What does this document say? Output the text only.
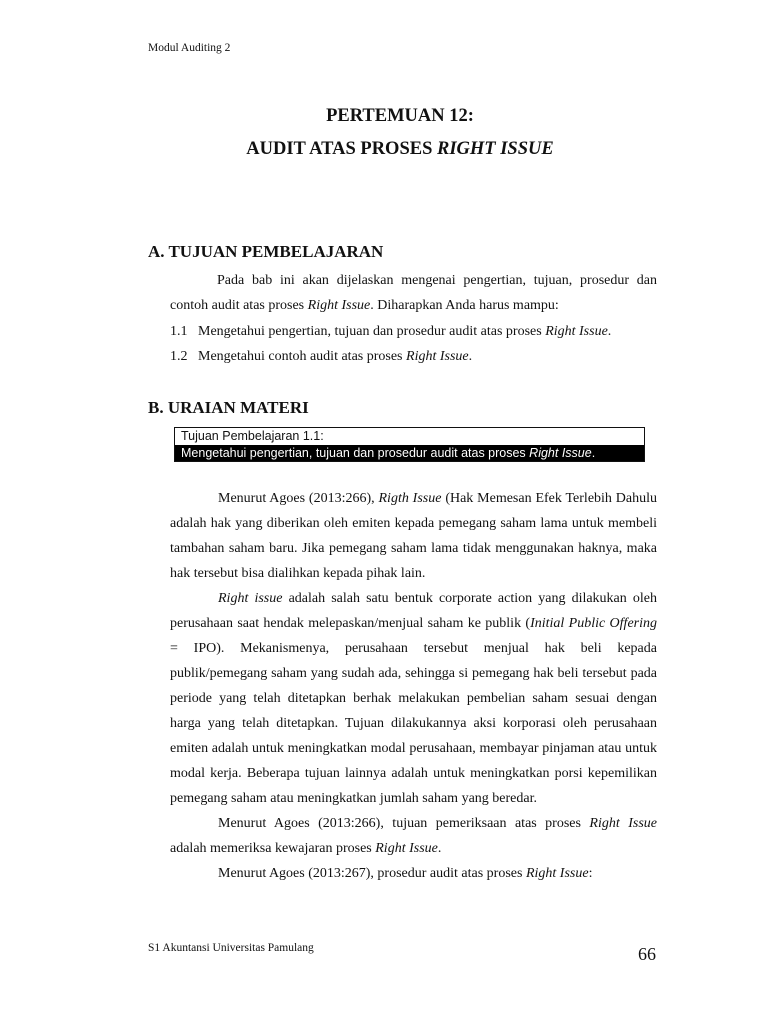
Modul Auditing 2
PERTEMUAN 12:
AUDIT ATAS PROSES RIGHT ISSUE
A. TUJUAN PEMBELAJARAN
Pada bab ini akan dijelaskan mengenai pengertian, tujuan, prosedur dan contoh audit atas proses Right Issue. Diharapkan Anda harus mampu:
1.1 Mengetahui pengertian, tujuan dan prosedur audit atas proses Right Issue.
1.2 Mengetahui contoh audit atas proses Right Issue.
B. URAIAN MATERI
Tujuan Pembelajaran 1.1:
Mengetahui pengertian, tujuan dan prosedur audit atas proses Right Issue.

Menurut Agoes (2013:266), Rigth Issue (Hak Memesan Efek Terlebih Dahulu adalah hak yang diberikan oleh emiten kepada pemegang saham lama untuk membeli tambahan saham baru. Jika pemegang saham lama tidak menggunakan haknya, maka hak tersebut bisa dialihkan kepada pihak lain.

Right issue adalah salah satu bentuk corporate action yang dilakukan oleh perusahaan saat hendak melepaskan/menjual saham ke publik (Initial Public Offering = IPO). Mekanismenya, perusahaan tersebut menjual hak beli kepada publik/pemegang saham yang sudah ada, sehingga si pemegang hak beli tersebut pada periode yang telah ditetapkan berhak melakukan pembelian saham sesuai dengan harga yang telah ditetapkan. Tujuan dilakukannya aksi korporasi oleh perusahaan emiten adalah untuk meningkatkan modal perusahaan, membayar pinjaman atau untuk modal kerja. Beberapa tujuan lainnya adalah untuk meningkatkan porsi kepemilikan pemegang saham atau meningkatkan jumlah saham yang beredar.

Menurut Agoes (2013:266), tujuan pemeriksaan atas proses Right Issue adalah memeriksa kewajaran proses Right Issue.

Menurut Agoes (2013:267), prosedur audit atas proses Right Issue:

S1 Akuntansi Universitas Pamulang	66
